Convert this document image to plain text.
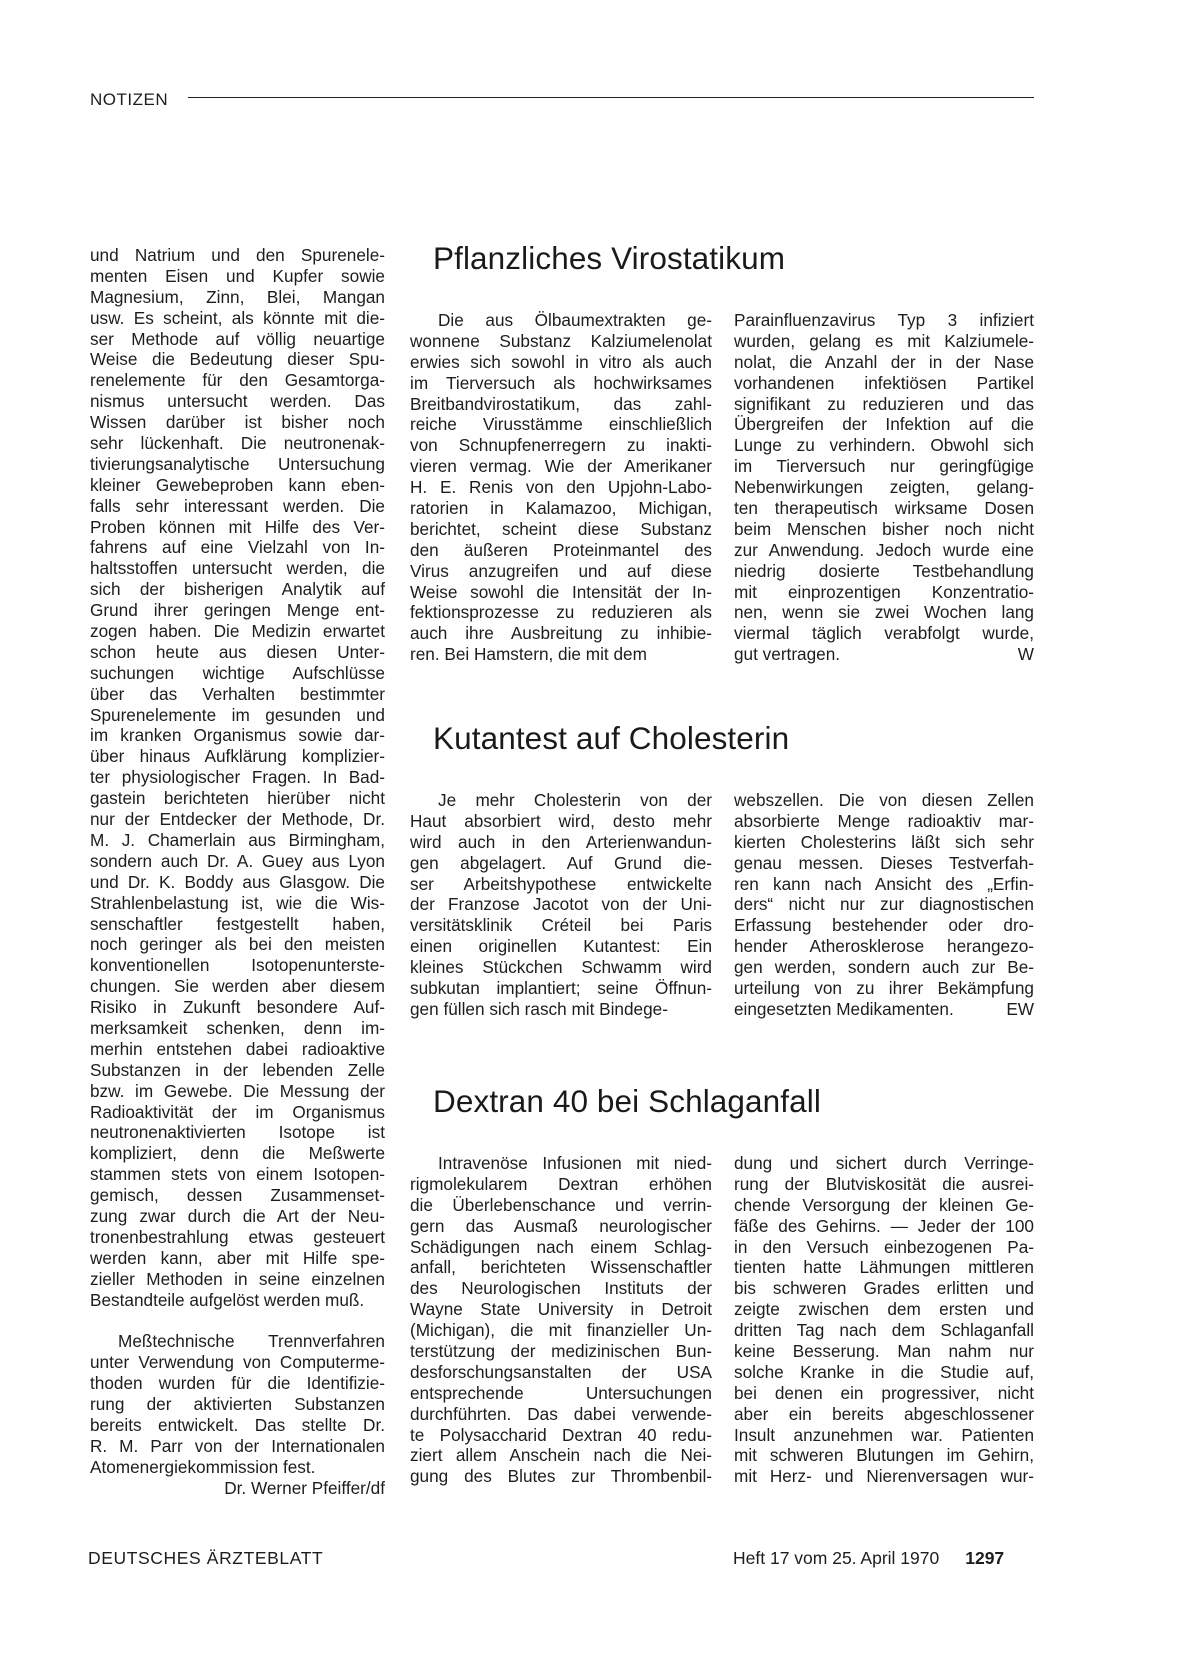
NOTIZEN
und Natrium und den Spurenele-
menten Eisen und Kupfer sowie
Magnesium, Zinn, Blei, Mangan
usw. Es scheint, als könnte mit die-
ser Methode auf völlig neuartige
Weise die Bedeutung dieser Spu-
renelemente für den Gesamtorga-
nismus untersucht werden. Das
Wissen darüber ist bisher noch
sehr lückenhaft. Die neutronenak-
tivierungsanalytische Untersuchung
kleiner Gewebeproben kann eben-
falls sehr interessant werden. Die
Proben können mit Hilfe des Ver-
fahrens auf eine Vielzahl von In-
haltsstoffen untersucht werden, die
sich der bisherigen Analytik auf
Grund ihrer geringen Menge ent-
zogen haben. Die Medizin erwartet
schon heute aus diesen Unter-
suchungen wichtige Aufschlüsse
über das Verhalten bestimmter
Spurenelemente im gesunden und
im kranken Organismus sowie dar-
über hinaus Aufklärung komplizier-
ter physiologischer Fragen. In Bad-
gastein berichteten hierüber nicht
nur der Entdecker der Methode, Dr.
M. J. Chamerlain aus Birmingham,
sondern auch Dr. A. Guey aus Lyon
und Dr. K. Boddy aus Glasgow. Die
Strahlenbelastung ist, wie die Wis-
senschaftler festgestellt haben,
noch geringer als bei den meisten
konventionellen Isotopenunterste-
chungen. Sie werden aber diesem
Risiko in Zukunft besondere Auf-
merksamkeit schenken, denn im-
merhin entstehen dabei radioaktive
Substanzen in der lebenden Zelle
bzw. im Gewebe. Die Messung der
Radioaktivität der im Organismus
neutronenaktivierten Isotope ist
kompliziert, denn die Meßwerte
stammen stets von einem Isotopen-
gemisch, dessen Zusammenset-
zung zwar durch die Art der Neu-
tronenbestrahlung etwas gesteuert
werden kann, aber mit Hilfe spe-
zieller Methoden in seine einzelnen
Bestandteile aufgelöst werden muß.
Meßtechnische Trennverfahren
unter Verwendung von Computerme-
thoden wurden für die Identifizie-
rung der aktivierten Substanzen
bereits entwickelt. Das stellte Dr.
R. M. Parr von der Internationalen
Atomenergiekommission fest.
Dr. Werner Pfeiffer/df
Pflanzliches Virostatikum
Die aus Ölbaumextrakten ge-
wonnene Substanz Kalziumelenolat
erwies sich sowohl in vitro als auch
im Tierversuch als hochwirksames
Breitbandvirostatikum, das zahl-
reiche Virusstämme einschließlich
von Schnupfenerregern zu inakti-
vieren vermag. Wie der Amerikaner
H. E. Renis von den Upjohn-Labo-
ratorien in Kalamazoo, Michigan,
berichtet, scheint diese Substanz
den äußeren Proteinmantel des
Virus anzugreifen und auf diese
Weise sowohl die Intensität der In-
fektionsprozesse zu reduzieren als
auch ihre Ausbreitung zu inhibie-
ren. Bei Hamstern, die mit dem
Parainfluenzavirus Typ 3 infiziert
wurden, gelang es mit Kalziumele-
nolat, die Anzahl der in der Nase
vorhandenen infektiösen Partikel
signifikant zu reduzieren und das
Übergreifen der Infektion auf die
Lunge zu verhindern. Obwohl sich
im Tierversuch nur geringfügige
Nebenwirkungen zeigten, gelang-
ten therapeutisch wirksame Dosen
beim Menschen bisher noch nicht
zur Anwendung. Jedoch wurde eine
niedrig dosierte Testbehandlung
mit einprozentigen Konzentratio-
nen, wenn sie zwei Wochen lang
viermal täglich verabfolgt wurde,
gut vertragen.	W
Kutantest auf Cholesterin
Je mehr Cholesterin von der
Haut absorbiert wird, desto mehr
wird auch in den Arterienwandun-
gen abgelagert. Auf Grund die-
ser Arbeitshypothese entwickelte
der Franzose Jacotot von der Uni-
versitätsklinik Créteil bei Paris
einen originellen Kutantest: Ein
kleines Stückchen Schwamm wird
subkutan implantiert; seine Öffnun-
gen füllen sich rasch mit Bindege-
webszellen. Die von diesen Zellen
absorbierte Menge radioaktiv mar-
kierten Cholesterins läßt sich sehr
genau messen. Dieses Testverfah-
ren kann nach Ansicht des „Erfin-
ders“ nicht nur zur diagnostischen
Erfassung bestehender oder dro-
hender Atherosklerose herangezo-
gen werden, sondern auch zur Be-
urteilung von zu ihrer Bekämpfung
eingesetzten Medikamenten.	EW
Dextran 40 bei Schlaganfall
Intravenöse Infusionen mit nied-
rigmolekularem Dextran erhöhen
die Überlebenschance und verrin-
gern das Ausmaß neurologischer
Schädigungen nach einem Schlag-
anfall, berichteten Wissenschaftler
des Neurologischen Instituts der
Wayne State University in Detroit
(Michigan), die mit finanzieller Un-
terstützung der medizinischen Bun-
desforschungsanstalten der USA
entsprechende Untersuchungen
durchführten. Das dabei verwende-
te Polysaccharid Dextran 40 redu-
ziert allem Anschein nach die Nei-
gung des Blutes zur Thrombenbil-
dung und sichert durch Verringe-
rung der Blutviskosität die ausrei-
chende Versorgung der kleinen Ge-
fäße des Gehirns. — Jeder der 100
in den Versuch einbezogenen Pa-
tienten hatte Lähmungen mittleren
bis schweren Grades erlitten und
zeigte zwischen dem ersten und
dritten Tag nach dem Schlaganfall
keine Besserung. Man nahm nur
solche Kranke in die Studie auf,
bei denen ein progressiver, nicht
aber ein bereits abgeschlossener
Insult anzunehmen war. Patienten
mit schweren Blutungen im Gehirn,
mit Herz- und Nierenversagen wur-
DEUTSCHES ÄRZTEBLATT	Heft 17 vom 25. April 1970 1297
